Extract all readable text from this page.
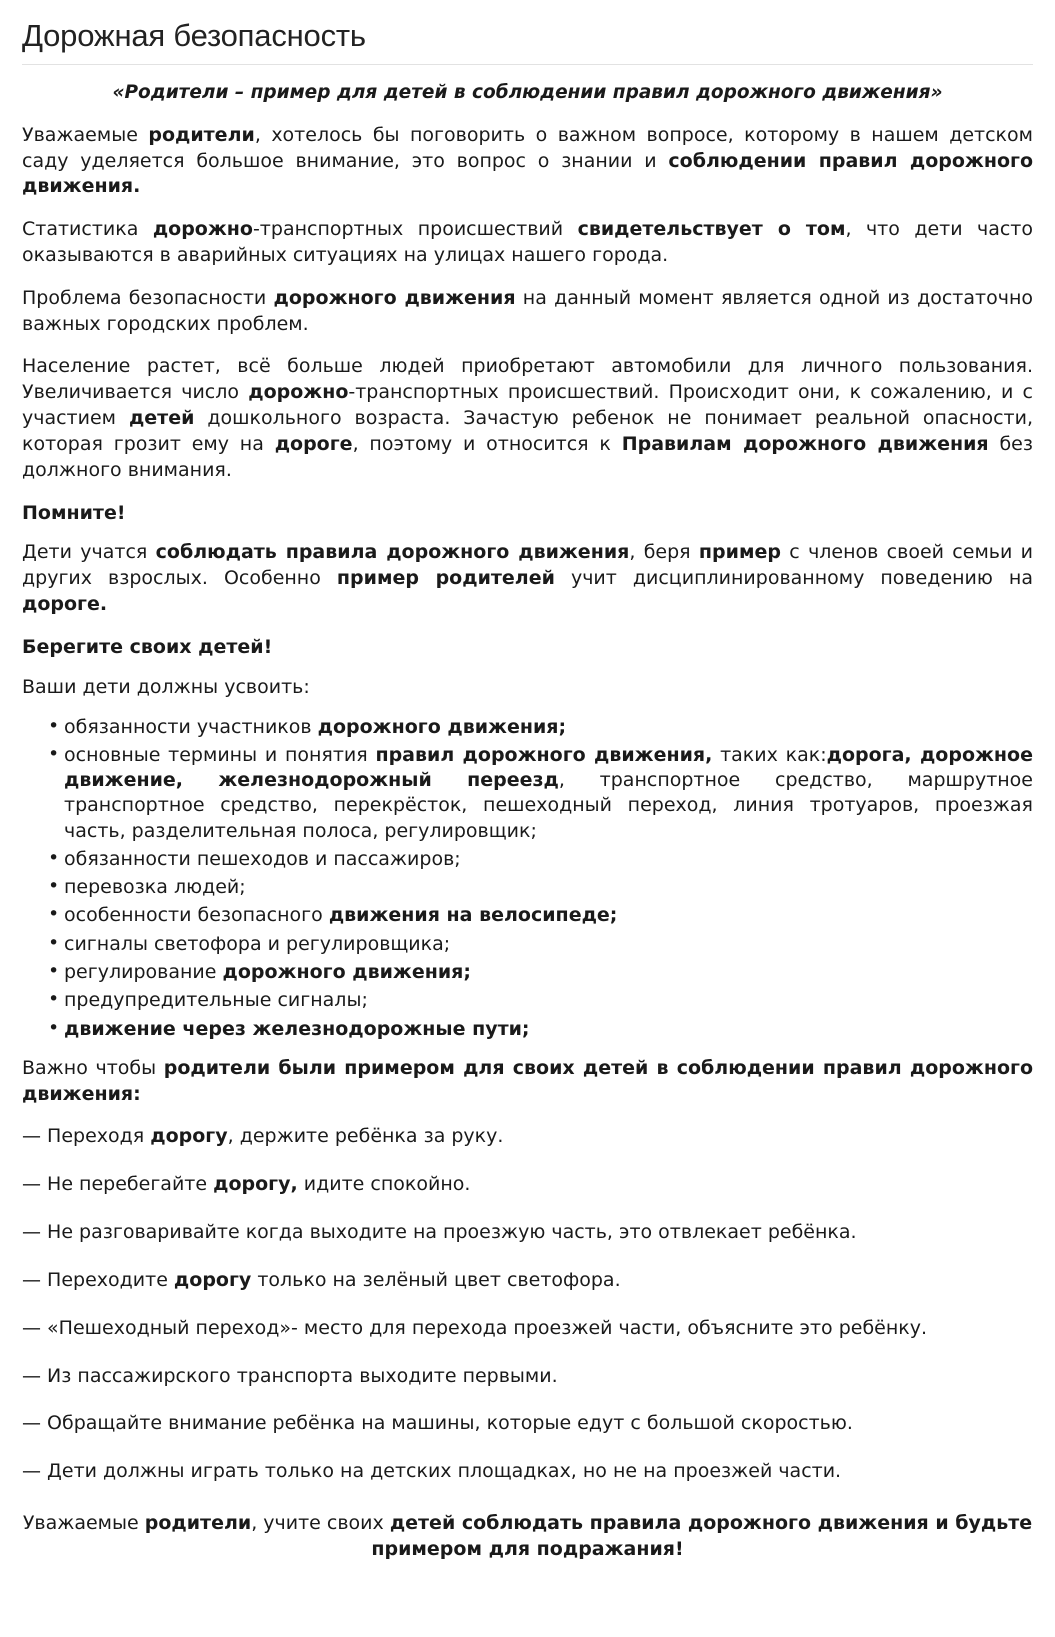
Дорожная безопасность
«Родители – пример для детей в соблюдении правил дорожного движения»

Уважаемые родители, хотелось бы поговорить о важном вопросе, которому в нашем детском саду уделяется большое внимание, это вопрос о знании и соблюдении правил дорожного движения.

Статистика дорожно-транспортных происшествий свидетельствует о том, что дети часто оказываются в аварийных ситуациях на улицах нашего города.

Проблема безопасности дорожного движения на данный момент является одной из достаточно важных городских проблем.

Население растет, всё больше людей приобретают автомобили для личного пользования. Увеличивается число дорожно-транспортных происшествий. Происходит они, к сожалению, и с участием детей дошкольного возраста. Зачастую ребенок не понимает реальной опасности, которая грозит ему на дороге, поэтому и относится к Правилам дорожного движения без должного внимания.

Помните!

Дети учатся соблюдать правила дорожного движения, беря пример с членов своей семьи и других взрослых. Особенно пример родителей учит дисциплинированному поведению на дороге.

Берегите своих детей!
Ваши дети должны усвоить:
• обязанности участников дорожного движения;
• основные термины и понятия правил дорожного движения, таких как:дорога, дорожное движение, железнодорожный переезд, транспортное средство, маршрутное транспортное средство, перекрёсток, пешеходный переход, линия тротуаров, проезжая часть, разделительная полоса, регулировщик;
• обязанности пешеходов и пассажиров;
• перевозка людей;
• особенности безопасного движения на велосипеде;
• сигналы светофора и регулировщика;
• регулирование дорожного движения;
• предупредительные сигналы;
• движение через железнодорожные пути;

Важно чтобы родители были примером для своих детей в соблюдении правил дорожного движения:

— Переходя дорогу, держите ребёнка за руку.
— Не перебегайте дорогу, идите спокойно.
— Не разговаривайте когда выходите на проезжую часть, это отвлекает ребёнка.
— Переходите дорогу только на зелёный цвет светофора.
— «Пешеходный переход»- место для перехода проезжей части, объясните это ребёнку.
— Из пассажирского транспорта выходите первыми.
— Обращайте внимание ребёнка на машины, которые едут с большой скоростью.
— Дети должны играть только на детских площадках, но не на проезжей части.
Уважаемые родители, учите своих детей соблюдать правила дорожного движения и будьте примером для подражания!
